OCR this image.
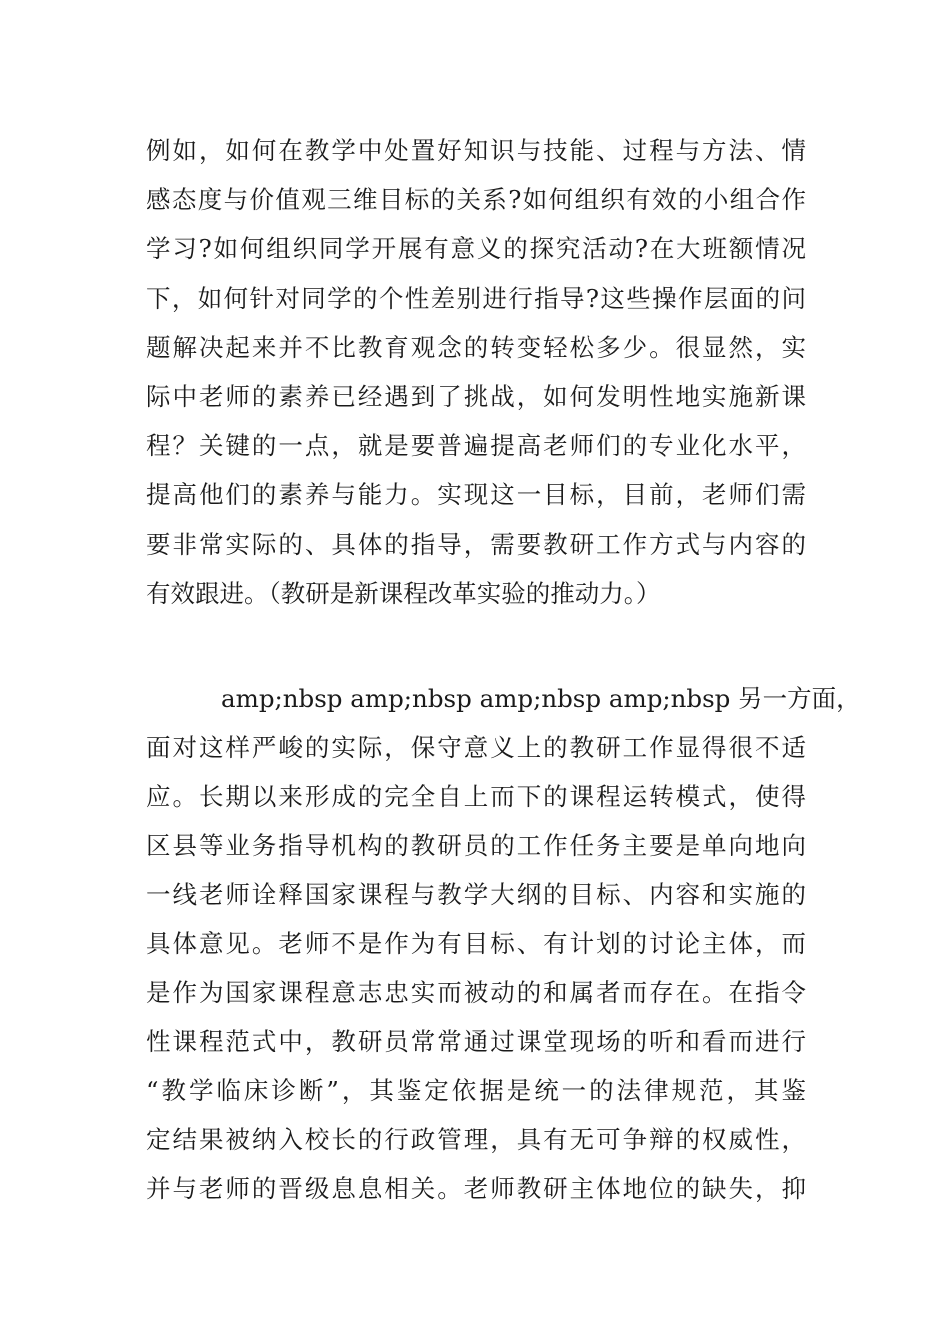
例如，如何在教学中处置好知识与技能、过程与方法、情
感态度与价值观三维目标的关系?如何组织有效的小组合作
学习?如何组织同学开展有意义的探究活动?在大班额情况
下，如何针对同学的个性差别进行指导?这些操作层面的问
题解决起来并不比教育观念的转变轻松多少。很显然，实
际中老师的素养已经遇到了挑战，如何发明性地实施新课
程？关键的一点，就是要普遍提高老师们的专业化水平，
提高他们的素养与能力。实现这一目标，目前，老师们需
要非常实际的、具体的指导，需要教研工作方式与内容的
有效跟进。（教研是新课程改革实验的推动力。）
amp;nbsp amp;nbsp amp;nbsp amp;nbsp 另一方面，
面对这样严峻的实际，保守意义上的教研工作显得很不适
应。长期以来形成的完全自上而下的课程运转模式，使得
区县等业务指导机构的教研员的工作任务主要是单向地向
一线老师诠释国家课程与教学大纲的目标、内容和实施的
具体意见。老师不是作为有目标、有计划的讨论主体，而
是作为国家课程意志忠实而被动的和属者而存在。在指令
性课程范式中，教研员常常通过课堂现场的听和看而进行
“教学临床诊断”，其鉴定依据是统一的法律规范，其鉴
定结果被纳入校长的行政管理，具有无可争辩的权威性，
并与老师的晋级息息相关。老师教研主体地位的缺失，抑
